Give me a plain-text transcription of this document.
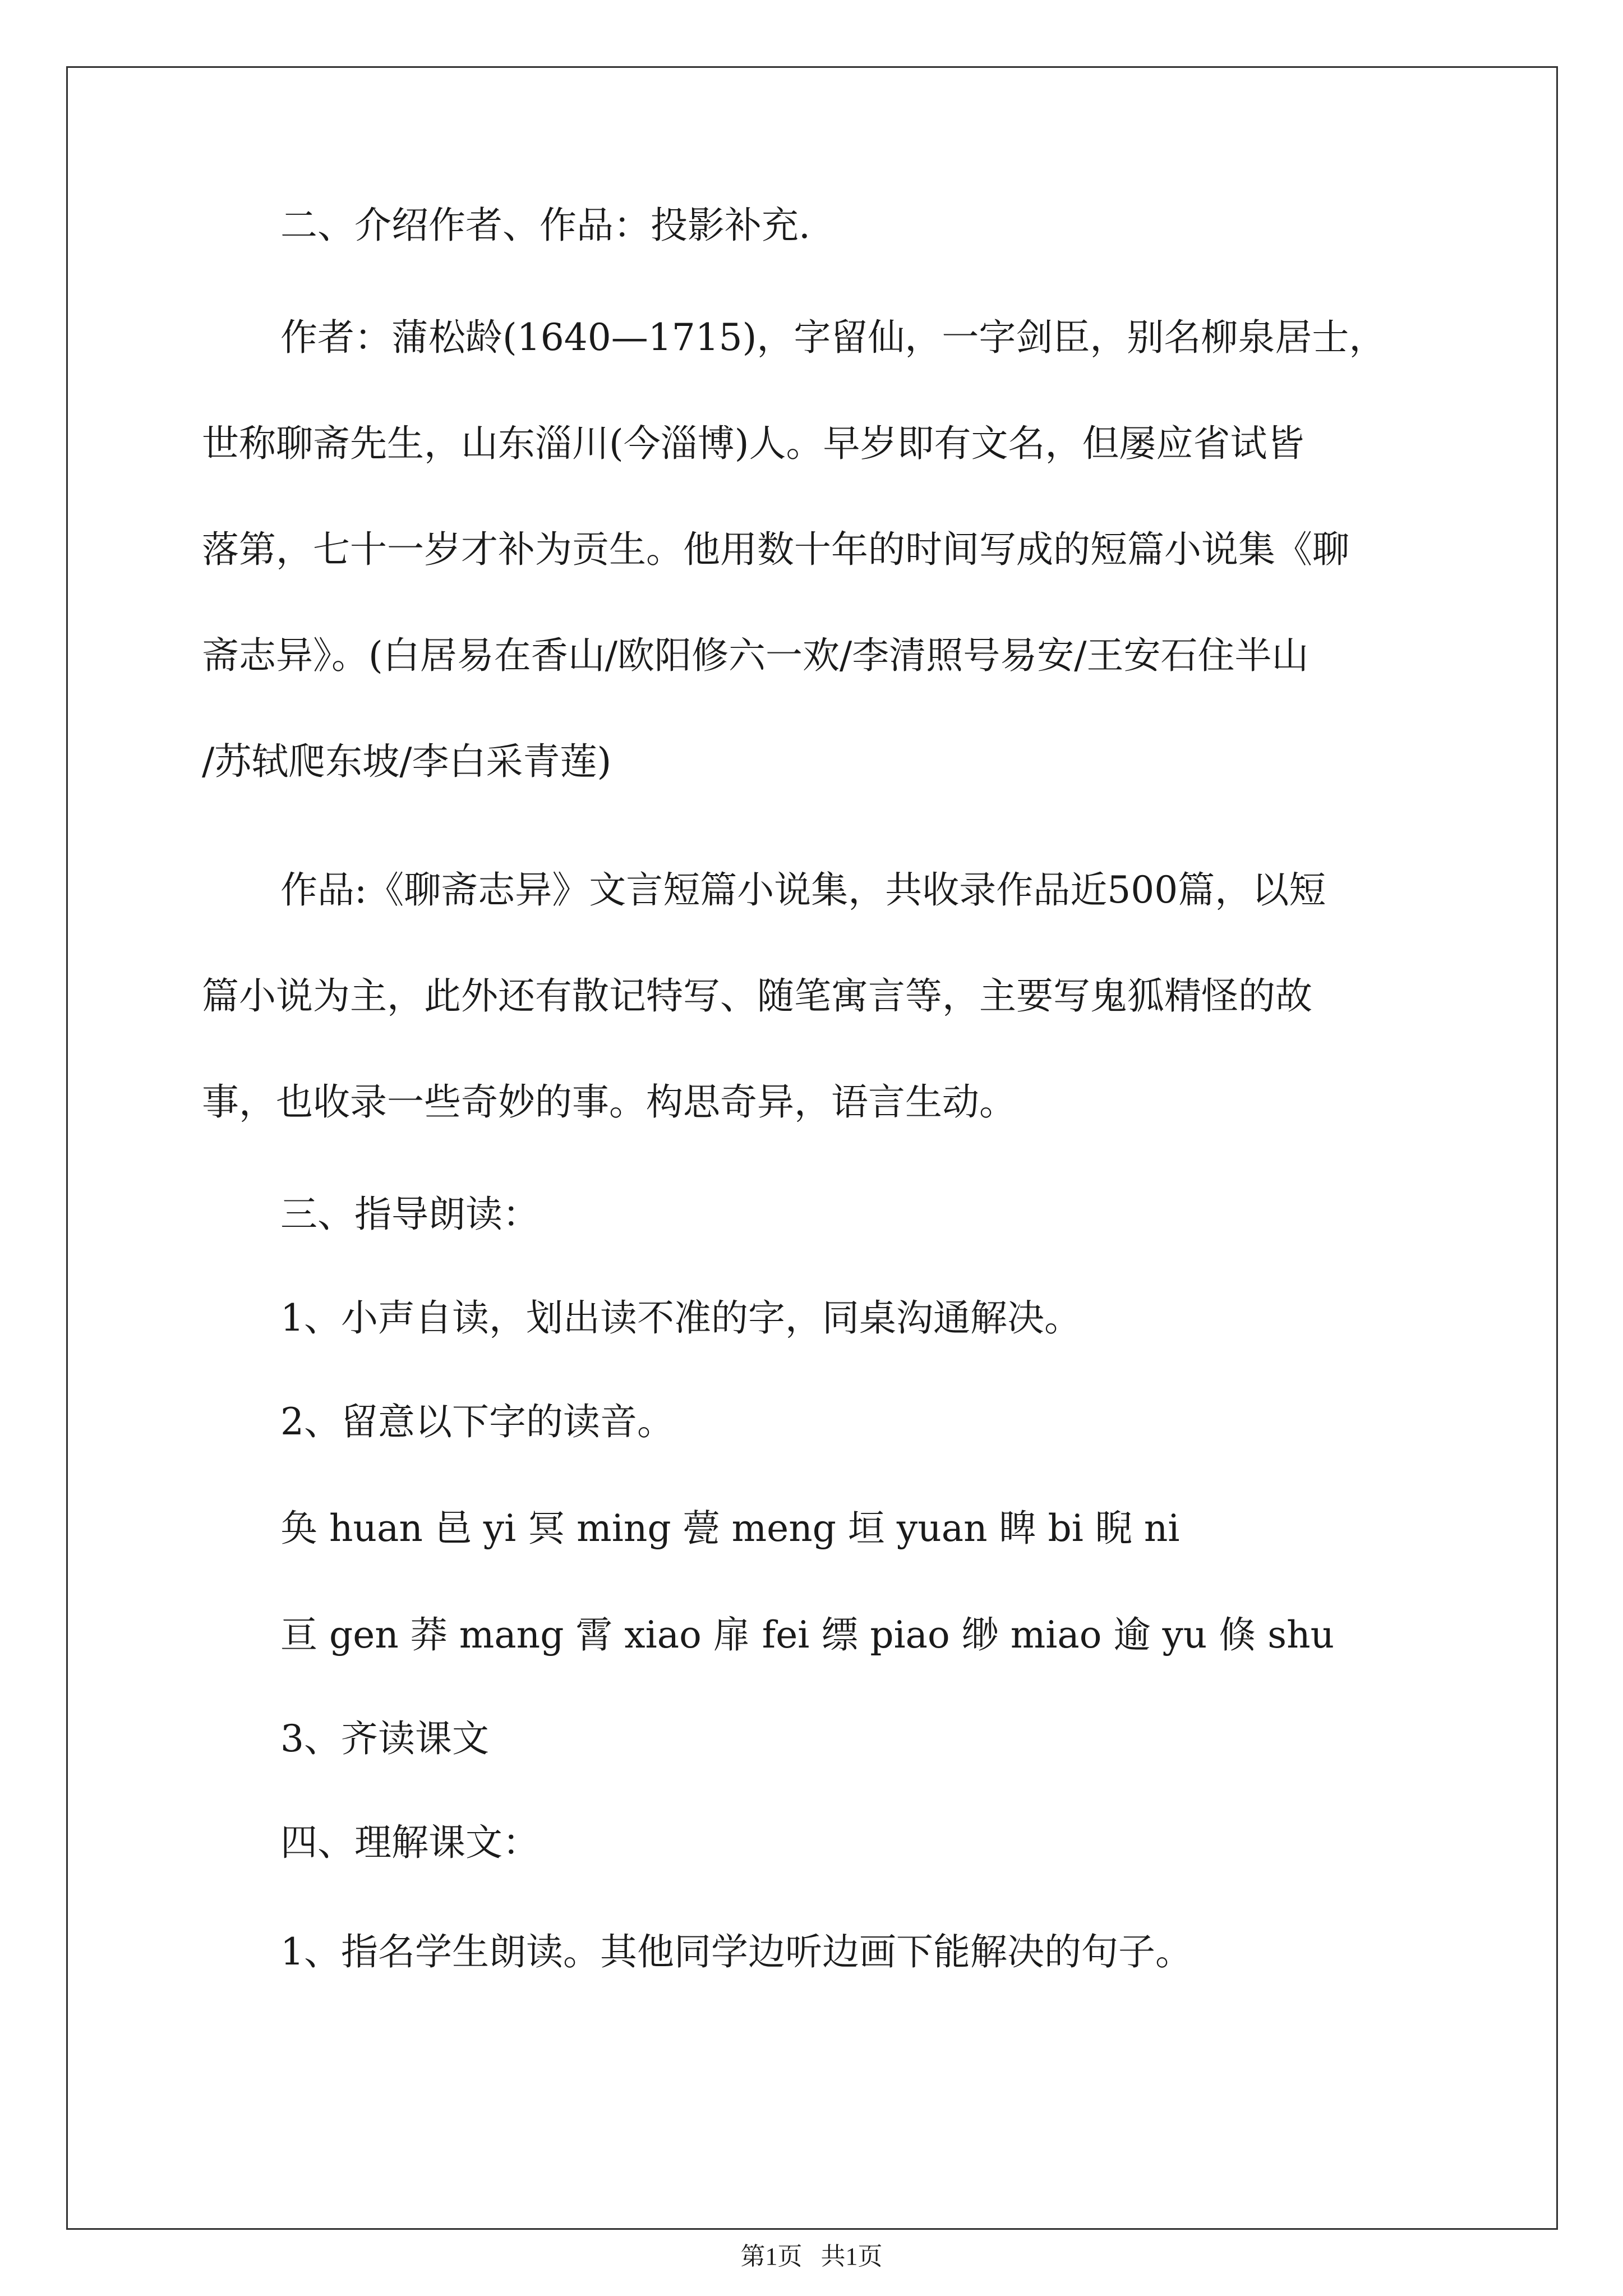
二、介绍作者、作品：投影补充.
作者：蒲松龄(1640—1715)，字留仙，一字剑臣，别名柳泉居士，
世称聊斋先生，山东淄川(今淄博)人。早岁即有文名，但屡应省试皆
落第，七十一岁才补为贡生。他用数十年的时间写成的短篇小说集《聊
斋志异》。(白居易在香山/欧阳修六一欢/李清照号易安/王安石住半山
/苏轼爬东坡/李白采青莲)
作品:《聊斋志异》文言短篇小说集，共收录作品近500篇，以短
篇小说为主，此外还有散记特写、随笔寓言等，主要写鬼狐精怪的故
事，也收录一些奇妙的事。构思奇异，语言生动。
三、指导朗读：
1、小声自读，划出读不准的字，同桌沟通解决。
2、留意以下字的读音。
奂 huan 邑 yi 冥 ming 甍 meng 垣 yuan 睥 bi 睨 ni
亘 gen 莽 mang 霄 xiao 扉 fei 缥 piao 缈 miao 逾 yu 倏 shu
3、齐读课文
四、理解课文：
1、指名学生朗读。其他同学边听边画下能解决的句子。
第1页   共1页
